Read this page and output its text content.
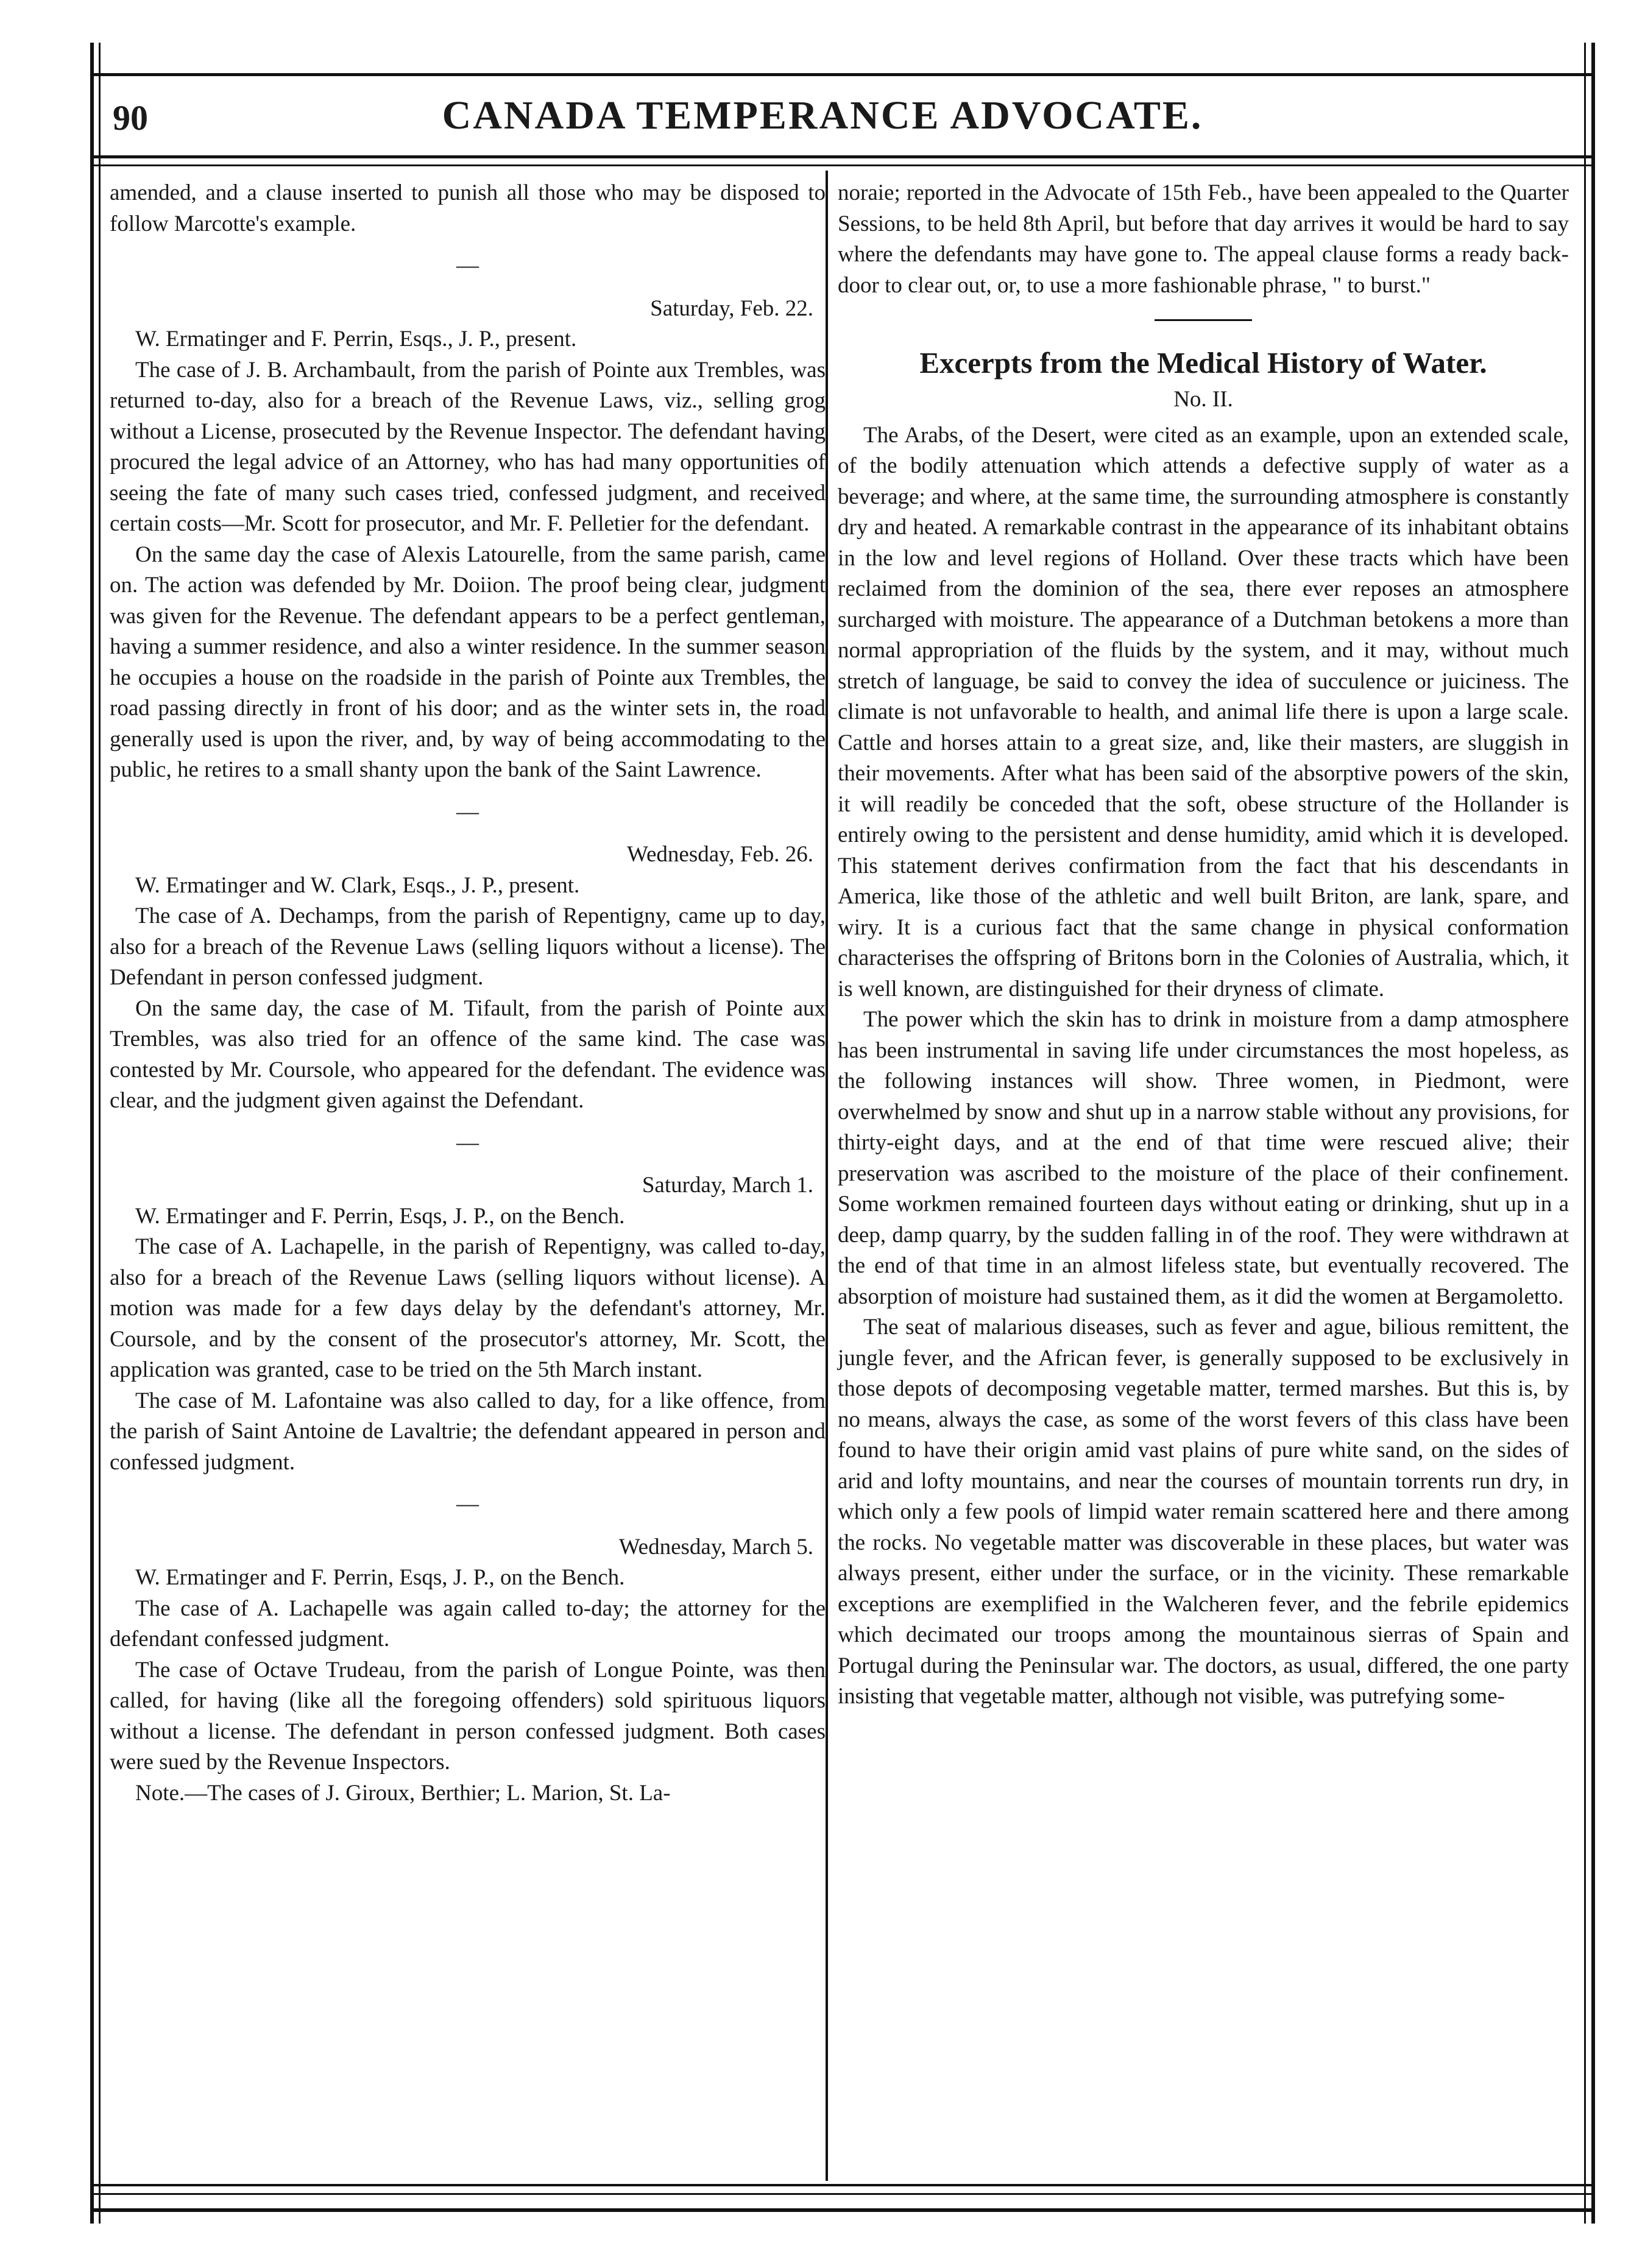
90	CANADA TEMPERANCE ADVOCATE.

amended, and a clause inserted to punish all those who may be disposed to follow Marcotte's example.

—
Saturday, Feb. 22.

W. Ermatinger and F. Perrin, Esqs., J. P., present.

The case of J. B. Archambault, from the parish of Pointe aux Trembles, was returned to-day, also for a breach of the Revenue Laws, viz., selling grog without a License, prosecuted by the Revenue Inspector. The defendant having procured the legal advice of an Attorney, who has had many opportunities of seeing the fate of many such cases tried, confessed judgment, and received certain costs—Mr. Scott for prosecutor, and Mr. F. Pelletier for the defendant.

On the same day the case of Alexis Latourelle, from the same parish, came on. The action was defended by Mr. Doiion. The proof being clear, judgment was given for the Revenue. The defendant appears to be a perfect gentleman, having a summer residence, and also a winter residence. In the summer season he occupies a house on the roadside in the parish of Pointe aux Trembles, the road passing directly in front of his door; and as the winter sets in, the road generally used is upon the river, and, by way of being accommodating to the public, he retires to a small shanty upon the bank of the Saint Lawrence.

—
Wednesday, Feb. 26.

W. Ermatinger and W. Clark, Esqs., J. P., present.

The case of A. Dechamps, from the parish of Repentigny, came up to day, also for a breach of the Revenue Laws (selling liquors without a license). The Defendant in person confessed judgment.

On the same day, the case of M. Tifault, from the parish of Pointe aux Trembles, was also tried for an offence of the same kind. The case was contested by Mr. Coursole, who appeared for the defendant. The evidence was clear, and the judgment given against the Defendant.

—
Saturday, March 1.

W. Ermatinger and F. Perrin, Esqs, J. P., on the Bench.

The case of A. Lachapelle, in the parish of Repentigny, was called to-day, also for a breach of the Revenue Laws (selling liquors without license). A motion was made for a few days delay by the defendant's attorney, Mr. Coursole, and by the consent of the prosecutor's attorney, Mr. Scott, the application was granted, case to be tried on the 5th March instant.

The case of M. Lafontaine was also called to day, for a like offence, from the parish of Saint Antoine de Lavaltrie; the defendant appeared in person and confessed judgment.

—
Wednesday, March 5.

W. Ermatinger and F. Perrin, Esqs, J. P., on the Bench.

The case of A. Lachapelle was again called to-day; the attorney for the defendant confessed judgment.

The case of Octave Trudeau, from the parish of Longue Pointe, was then called, for having (like all the foregoing offenders) sold spirituous liquors without a license. The defendant in person confessed judgment. Both cases were sued by the Revenue Inspectors.

Note.—The cases of J. Giroux, Berthier; L. Marion, St. La-

noraie; reported in the Advocate of 15th Feb., have been appealed to the Quarter Sessions, to be held 8th April, but before that day arrives it would be hard to say where the defendants may have gone to. The appeal clause forms a ready back-door to clear out, or, to use a more fashionable phrase, " to burst."

Excerpts from the Medical History of Water.
No. II.

The Arabs, of the Desert, were cited as an example, upon an extended scale, of the bodily attenuation which attends a defective supply of water as a beverage; and where, at the same time, the surrounding atmosphere is constantly dry and heated. A remarkable contrast in the appearance of its inhabitant obtains in the low and level regions of Holland. Over these tracts which have been reclaimed from the dominion of the sea, there ever reposes an atmosphere surcharged with moisture. The appearance of a Dutchman betokens a more than normal appropriation of the fluids by the system, and it may, without much stretch of language, be said to convey the idea of succulence or juiciness. The climate is not unfavorable to health, and animal life there is upon a large scale. Cattle and horses attain to a great size, and, like their masters, are sluggish in their movements. After what has been said of the absorptive powers of the skin, it will readily be conceded that the soft, obese structure of the Hollander is entirely owing to the persistent and dense humidity, amid which it is developed. This statement derives confirmation from the fact that his descendants in America, like those of the athletic and well built Briton, are lank, spare, and wiry. It is a curious fact that the same change in physical conformation characterises the offspring of Britons born in the Colonies of Australia, which, it is well known, are distinguished for their dryness of climate.

The power which the skin has to drink in moisture from a damp atmosphere has been instrumental in saving life under circumstances the most hopeless, as the following instances will show. Three women, in Piedmont, were overwhelmed by snow and shut up in a narrow stable without any provisions, for thirty-eight days, and at the end of that time were rescued alive; their preservation was ascribed to the moisture of the place of their confinement. Some workmen remained fourteen days without eating or drinking, shut up in a deep, damp quarry, by the sudden falling in of the roof. They were withdrawn at the end of that time in an almost lifeless state, but eventually recovered. The absorption of moisture had sustained them, as it did the women at Bergamoletto.

The seat of malarious diseases, such as fever and ague, bilious remittent, the jungle fever, and the African fever, is generally supposed to be exclusively in those depots of decomposing vegetable matter, termed marshes. But this is, by no means, always the case, as some of the worst fevers of this class have been found to have their origin amid vast plains of pure white sand, on the sides of arid and lofty mountains, and near the courses of mountain torrents run dry, in which only a few pools of limpid water remain scattered here and there among the rocks. No vegetable matter was discoverable in these places, but water was always present, either under the surface, or in the vicinity. These remarkable exceptions are exemplified in the Walcheren fever, and the febrile epidemics which decimated our troops among the mountainous sierras of Spain and Portugal during the Peninsular war. The doctors, as usual, differed, the one party insisting that vegetable matter, although not visible, was putrefying some-
